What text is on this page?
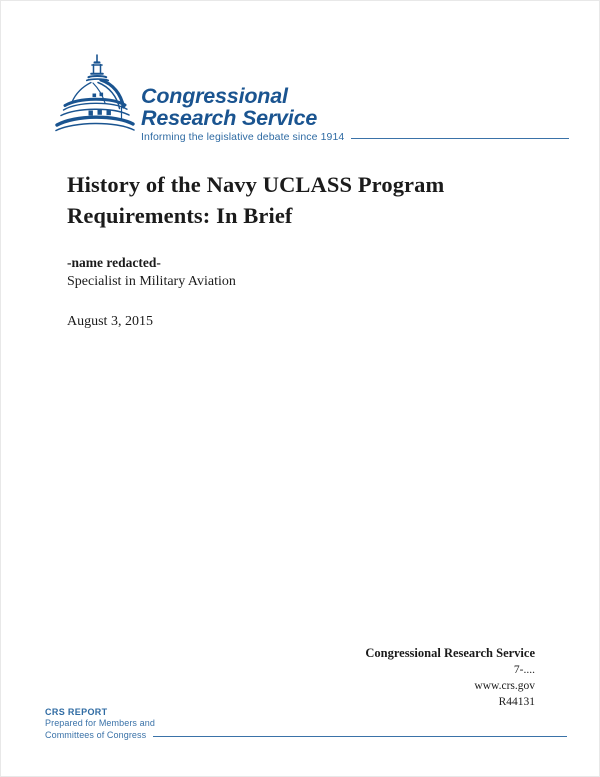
Congressional
Research Service
Informing the legislative debate since 1914
History of the Navy UCLASS Program
Requirements: In Brief
-name redacted-
Specialist in Military Aviation
August 3, 2015
Congressional Research Service
7-....
www.crs.gov
R44131
CRS REPORT
Prepared for Members and
Committees of Congress
